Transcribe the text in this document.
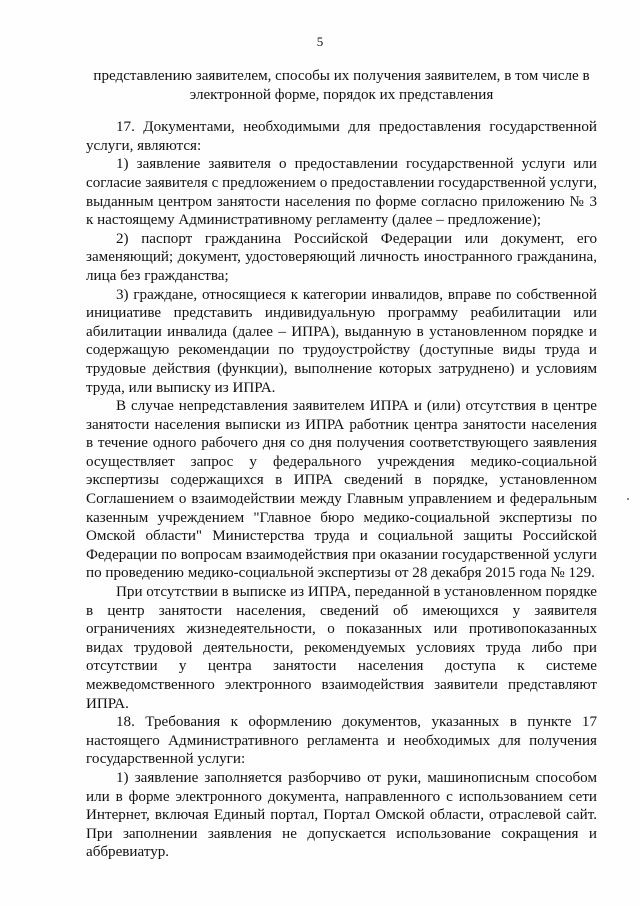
5

представлению заявителем, способы их получения заявителем, в том числе в электронной форме, порядок их представления

17. Документами, необходимыми для предоставления государственной услуги, являются:

1) заявление заявителя о предоставлении государственной услуги или согласие заявителя с предложением о предоставлении государственной услуги, выданным центром занятости населения по форме согласно приложению № 3 к настоящему Административному регламенту (далее – предложение);

2) паспорт гражданина Российской Федерации или документ, его заменяющий; документ, удостоверяющий личность иностранного гражданина, лица без гражданства;

3) граждане, относящиеся к категории инвалидов, вправе по собственной инициативе представить индивидуальную программу реабилитации или абилитации инвалида (далее – ИПРА), выданную в установленном порядке и содержащую рекомендации по трудоустройству (доступные виды труда и трудовые действия (функции), выполнение которых затруднено) и условиям труда, или выписку из ИПРА.

В случае непредставления заявителем ИПРА и (или) отсутствия в центре занятости населения выписки из ИПРА работник центра занятости населения в течение одного рабочего дня со дня получения соответствующего заявления осуществляет запрос у федерального учреждения медико-социальной экспертизы содержащихся в ИПРА сведений в порядке, установленном Соглашением о взаимодействии между Главным управлением и федеральным казенным учреждением "Главное бюро медико-социальной экспертизы по Омской области" Министерства труда и социальной защиты Российской Федерации по вопросам взаимодействия при оказании государственной услуги по проведению медико-социальной экспертизы от 28 декабря 2015 года № 129.

При отсутствии в выписке из ИПРА, переданной в установленном порядке в центр занятости населения, сведений об имеющихся у заявителя ограничениях жизнедеятельности, о показанных или противопоказанных видах трудовой деятельности, рекомендуемых условиях труда либо при отсутствии у центра занятости населения доступа к системе межведомственного электронного взаимодействия заявители представляют ИПРА.

18. Требования к оформлению документов, указанных в пункте 17 настоящего Административного регламента и необходимых для получения государственной услуги:

1) заявление заполняется разборчиво от руки, машинописным способом или в форме электронного документа, направленного с использованием сети Интернет, включая Единый портал, Портал Омской области, отраслевой сайт. При заполнении заявления не допускается использование сокращения и аббревиатур.
